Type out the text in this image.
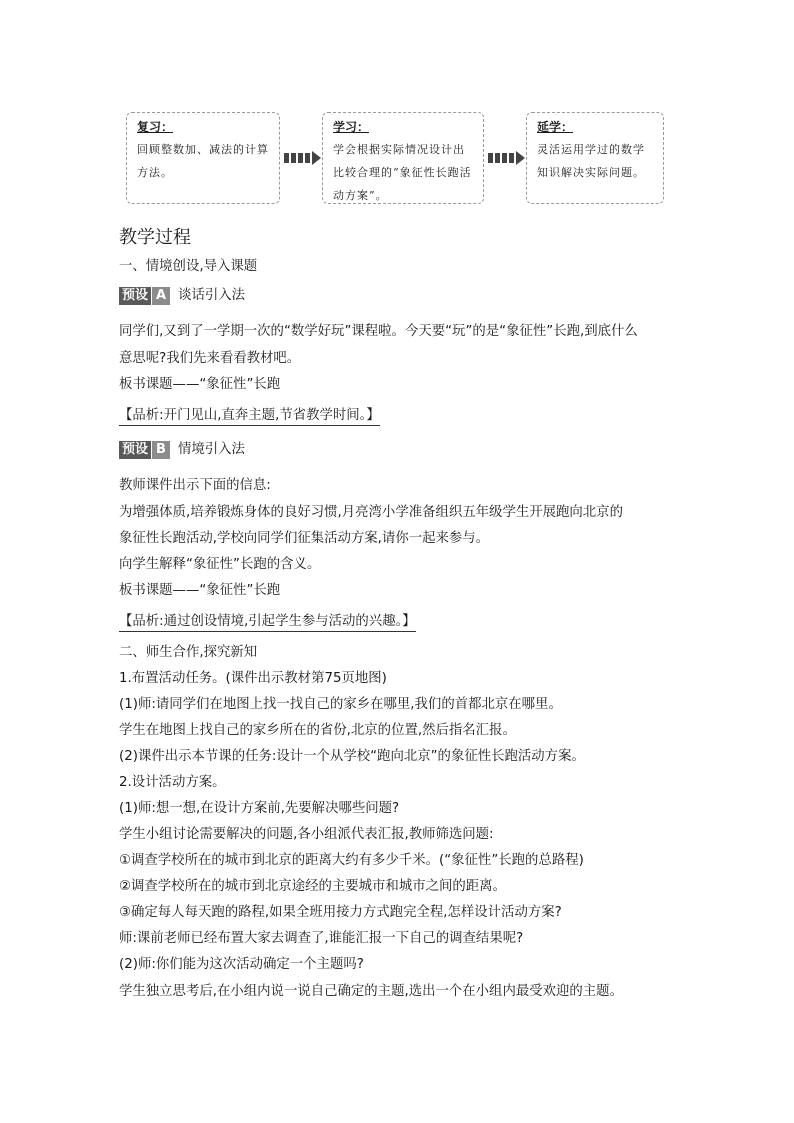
复习：
回顾整数加、减法的计算方法。
学习：
学会根据实际情况设计出比较合理的“象征性长跑活动方案”。
延学：
灵活运用学过的数学知识解决实际问题。
教学过程
一、情境创设,导入课题
预设 A 谈话引入法
同学们,又到了一学期一次的“数学好玩”课程啦。今天要“玩”的是“象征性”长跑,到底什么
意思呢?我们先来看看教材吧。
板书课题——“象征性”长跑
【品析:开门见山,直奔主题,节省教学时间。】
预设 B 情境引入法
教师课件出示下面的信息:
为增强体质,培养锻炼身体的良好习惯,月亮湾小学准备组织五年级学生开展跑向北京的
象征性长跑活动,学校向同学们征集活动方案,请你一起来参与。
向学生解释“象征性”长跑的含义。
板书课题——“象征性”长跑
【品析:通过创设情境,引起学生参与活动的兴趣。】
二、师生合作,探究新知
1.布置活动任务。(课件出示教材第75页地图)
(1)师:请同学们在地图上找一找自己的家乡在哪里,我们的首都北京在哪里。
学生在地图上找自己的家乡所在的省份,北京的位置,然后指名汇报。
(2)课件出示本节课的任务:设计一个从学校“跑向北京”的象征性长跑活动方案。
2.设计活动方案。
(1)师:想一想,在设计方案前,先要解决哪些问题?
学生小组讨论需要解决的问题,各小组派代表汇报,教师筛选问题:
①调查学校所在的城市到北京的距离大约有多少千米。(“象征性”长跑的总路程)
②调查学校所在的城市到北京途经的主要城市和城市之间的距离。
③确定每人每天跑的路程,如果全班用接力方式跑完全程,怎样设计活动方案?
师:课前老师已经布置大家去调查了,谁能汇报一下自己的调查结果呢?
(2)师:你们能为这次活动确定一个主题吗?
学生独立思考后,在小组内说一说自己确定的主题,选出一个在小组内最受欢迎的主题。
